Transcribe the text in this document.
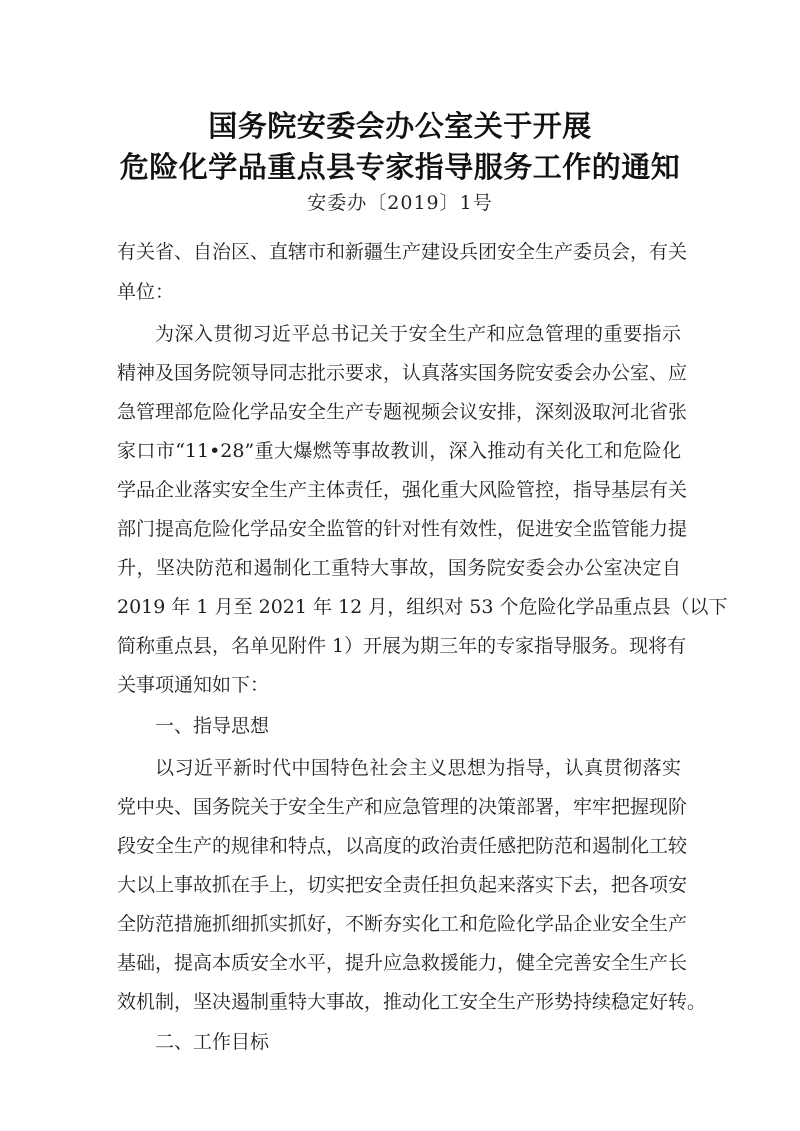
国务院安委会办公室关于开展
危险化学品重点县专家指导服务工作的通知
安委办〔2019〕1号
有关省、自治区、直辖市和新疆生产建设兵团安全生产委员会，有关
单位：
为深入贯彻习近平总书记关于安全生产和应急管理的重要指示
精神及国务院领导同志批示要求，认真落实国务院安委会办公室、应
急管理部危险化学品安全生产专题视频会议安排，深刻汲取河北省张
家口市“11•28”重大爆燃等事故教训，深入推动有关化工和危险化
学品企业落实安全生产主体责任，强化重大风险管控，指导基层有关
部门提高危险化学品安全监管的针对性有效性，促进安全监管能力提
升，坚决防范和遏制化工重特大事故，国务院安委会办公室决定自
2019 年 1 月至 2021 年 12 月，组织对 53 个危险化学品重点县（以下
简称重点县，名单见附件 1）开展为期三年的专家指导服务。现将有
关事项通知如下：
一、指导思想
以习近平新时代中国特色社会主义思想为指导，认真贯彻落实
党中央、国务院关于安全生产和应急管理的决策部署，牢牢把握现阶
段安全生产的规律和特点，以高度的政治责任感把防范和遏制化工较
大以上事故抓在手上，切实把安全责任担负起来落实下去，把各项安
全防范措施抓细抓实抓好，不断夯实化工和危险化学品企业安全生产
基础，提高本质安全水平，提升应急救援能力，健全完善安全生产长
效机制，坚决遏制重特大事故，推动化工安全生产形势持续稳定好转。
二、工作目标
